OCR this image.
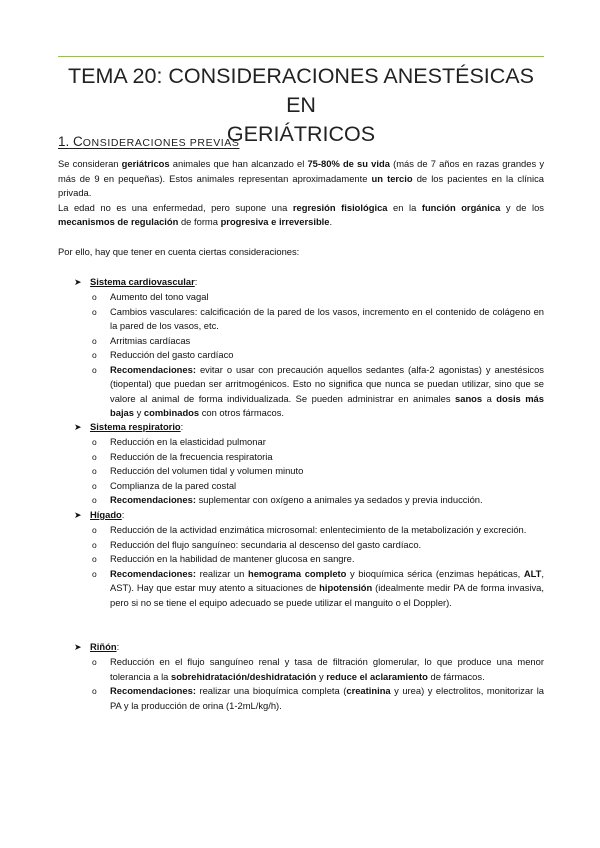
TEMA 20: CONSIDERACIONES ANESTÉSICAS EN
GERIÁTRICOS
1. CONSIDERACIONES PREVIAS
Se consideran geriátricos animales que han alcanzado el 75-80% de su vida (más de 7 años en razas grandes y más de 9 en pequeñas). Estos animales representan aproximadamente un tercio de los pacientes en la clínica privada.
La edad no es una enfermedad, pero supone una regresión fisiológica en la función orgánica y de los mecanismos de regulación de forma progresiva e irreversible.
Por ello, hay que tener en cuenta ciertas consideraciones:
➤ Sistema cardiovascular:
o Aumento del tono vagal
o Cambios vasculares: calcificación de la pared de los vasos, incremento en el contenido de colágeno en la pared de los vasos, etc.
o Arritmias cardíacas
o Reducción del gasto cardíaco
o Recomendaciones: evitar o usar con precaución aquellos sedantes (alfa-2 agonistas) y anestésicos (tiopental) que puedan ser arritmogénicos. Esto no significa que nunca se puedan utilizar, sino que se valore al animal de forma individualizada. Se pueden administrar en animales sanos a dosis más bajas y combinados con otros fármacos.
➤ Sistema respiratorio:
o Reducción en la elasticidad pulmonar
o Reducción de la frecuencia respiratoria
o Reducción del volumen tidal y volumen minuto
o Complianza de la pared costal
o Recomendaciones: suplementar con oxígeno a animales ya sedados y previa inducción.
➤ Hígado:
o Reducción de la actividad enzimática microsomal: enlentecimiento de la metabolización y excreción.
o Reducción del flujo sanguíneo: secundaria al descenso del gasto cardíaco.
o Reducción en la habilidad de mantener glucosa en sangre.
o Recomendaciones: realizar un hemograma completo y bioquímica sérica (enzimas hepáticas, ALT, AST). Hay que estar muy atento a situaciones de hipotensión (idealmente medir PA de forma invasiva, pero si no se tiene el equipo adecuado se puede utilizar el manguito o el Doppler).
➤ Riñón:
o Reducción en el flujo sanguíneo renal y tasa de filtración glomerular, lo que produce una menor tolerancia a la sobrehidratación/deshidratación y reduce el aclaramiento de fármacos.
o Recomendaciones: realizar una bioquímica completa (creatinina y urea) y electrolitos, monitorizar la PA y la producción de orina (1-2mL/kg/h).
